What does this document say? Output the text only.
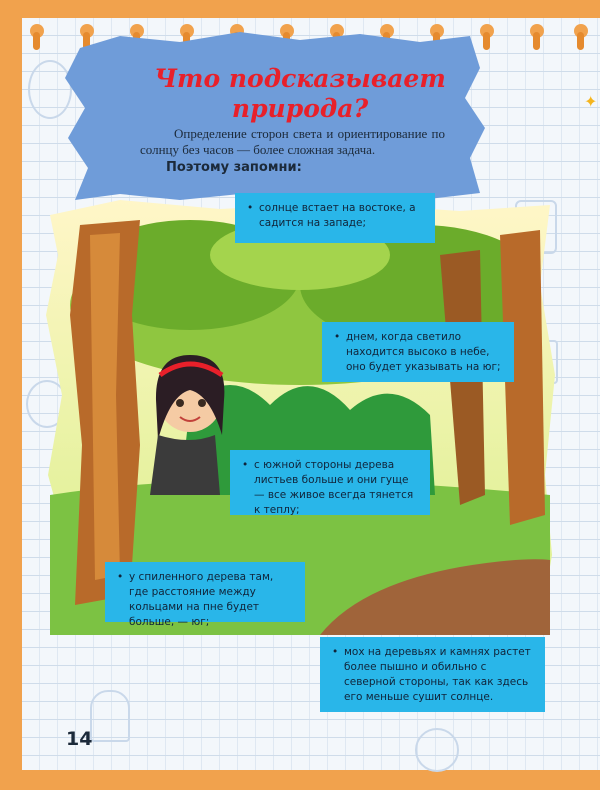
✦
Что подсказывает природа?
Определение сторон света и ориентирование по солнцу без часов — более сложная задача.
Поэтому запомни:
• солнце встает на востоке, а садится на западе;
• днем, когда светило находится высоко в небе, оно будет указывать на юг;
• с южной стороны дерева листьев больше и они гуще — все живое всегда тянется к теплу;
• у спиленного дерева там, где расстояние между кольцами на пне будет больше, — юг;
• мох на деревьях и камнях растет более пышно и обильно с северной стороны, так как здесь его меньше сушит солнце.
14
